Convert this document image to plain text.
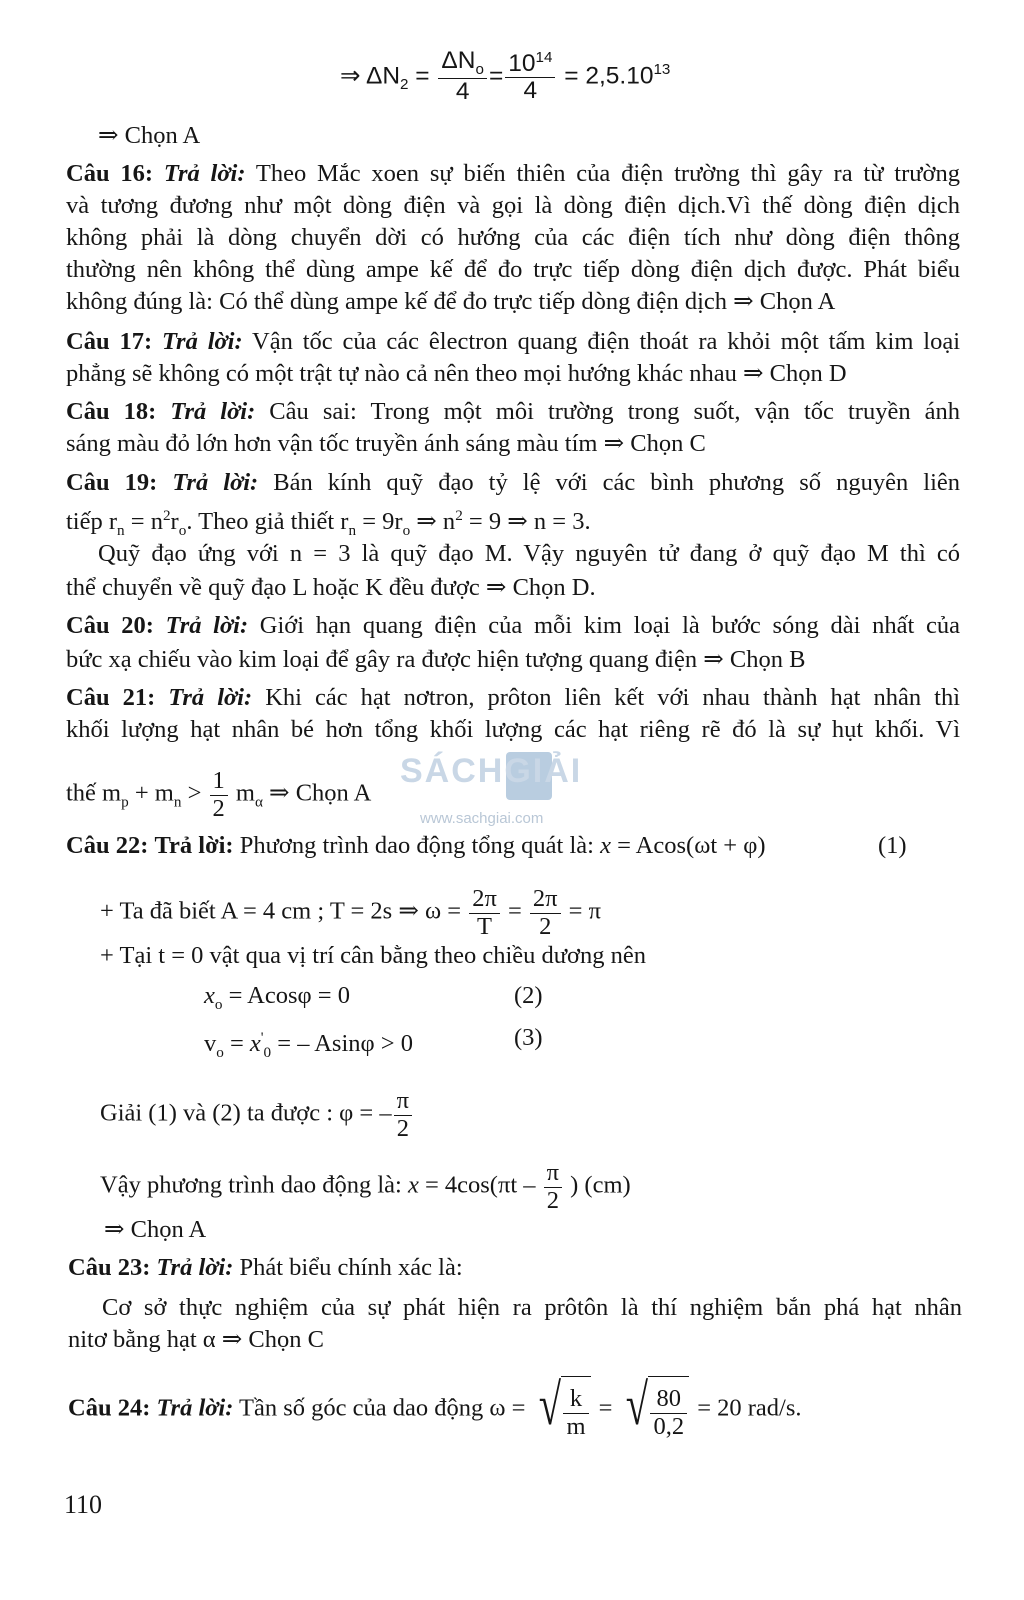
⇒ $\Delta N_2 = \frac{\Delta N_o}{4} = \frac{10^{14}}{4} = 2,5.10^{13}$
⇒ Chọn A
Câu 16: Trả lời: Theo Mắc xoen sự biến thiên của điện trường thì gây ra từ trường
và tương đương như một dòng điện và gọi là dòng điện dịch.Vì thế dòng điện dịch
không phải là dòng chuyển dời có hướng của các điện tích như dòng điện thông
thường nên không thể dùng ampe kế để đo trực tiếp dòng điện dịch được. Phát biểu
không đúng là: Có thể dùng ampe kế để đo trực tiếp dòng điện dịch ⇒ Chọn A
Câu 17: Trả lời: Vận tốc của các êlectron quang điện thoát ra khỏi một tấm kim loại
phẳng sẽ không có một trật tự nào cả nên theo mọi hướng khác nhau ⇒ Chọn D
Câu 18: Trả lời: Câu sai: Trong một môi trường trong suốt, vận tốc truyền ánh
sáng màu đỏ lớn hơn vận tốc truyền ánh sáng màu tím ⇒ Chọn C
Câu 19: Trả lời: Bán kính quỹ đạo tỷ lệ với các bình phương số nguyên liên
tiếp $r_n = n^2r_o$. Theo giả thiết $r_n = 9r_o$ ⇒ $n^2 = 9$ ⇒ n = 3.
Quỹ đạo ứng với n = 3 là quỹ đạo M. Vậy nguyên tử đang ở quỹ đạo M thì có
thể chuyển về quỹ đạo L hoặc K đều được ⇒ Chọn D.
Câu 20: Trả lời: Giới hạn quang điện của mỗi kim loại là bước sóng dài nhất của
bức xạ chiếu vào kim loại để gây ra được hiện tượng quang điện ⇒ Chọn B
Câu 21: Trả lời: Khi các hạt nơtron, prôton liên kết với nhau thành hạt nhân thì
khối lượng hạt nhân bé hơn tổng khối lượng các hạt riêng rẽ đó là sự hụt khối. Vì
thế $m_p + m_n > \frac{1}{2} m_\alpha$ ⇒ Chọn A
SÁCHGIẢI
www.sachgiai.com
Câu 22: Trả lời: Phương trình dao động tổng quát là: x = Acos(ωt + φ)	(1)
+ Ta đã biết A = 4 cm ; T = 2s ⇒ $\omega = \frac{2\pi}{T} = \frac{2\pi}{2} = \pi$
+ Tại t = 0 vật qua vị trí cân bằng theo chiều dương nên
$x_o = Acos\varphi = 0$	(2)
$v_o = x'_0$ = – Asinφ > 0	(3)
Giải (1) và (2) ta được : φ = – $\frac{\pi}{2}$
Vậy phương trình dao động là: $x = 4\cos(\pi t - \frac{\pi}{2}$ ) (cm)
⇒ Chọn A
Câu 23: Trả lời: Phát biểu chính xác là:
Cơ sở thực nghiệm của sự phát hiện ra prôtôn là thí nghiệm bắn phá hạt nhân
nitơ bằng hạt α ⇒ Chọn C
Câu 24: Trả lời: Tần số góc của dao động ω = √ $\frac{k}{m}$ = √ $\frac{80}{0,2} = 20$ rad/s.
110
